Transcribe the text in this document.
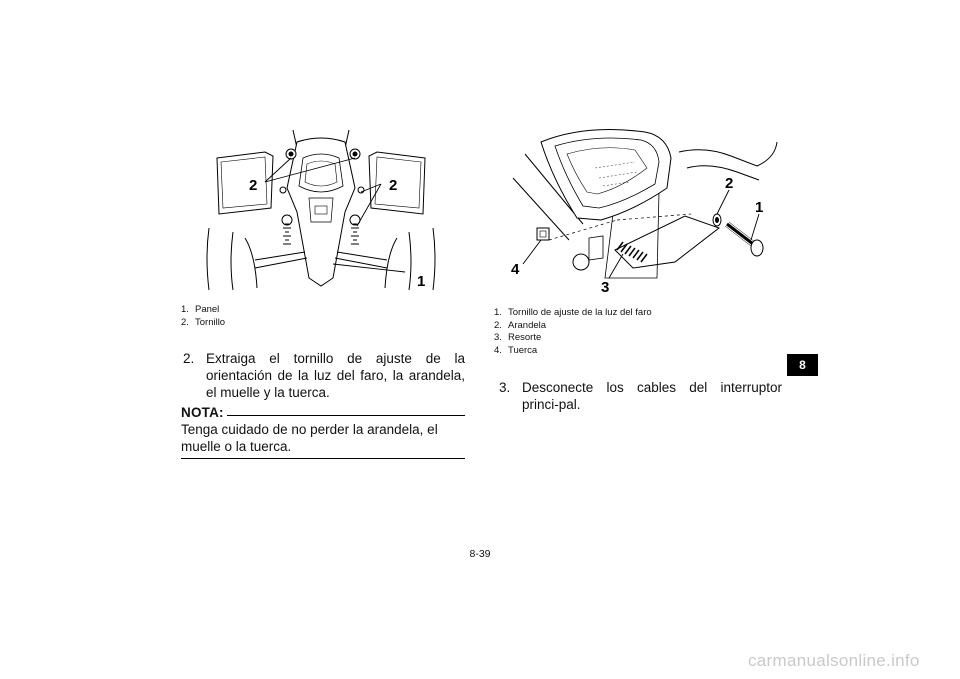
2	2
1
1. Panel
2. Tornillo
2. Extraiga el tornillo de ajuste de la orientación de la luz del faro, la arandela, el muelle y la tuerca.
NOTA:
Tenga cuidado de no perder la arandela, el muelle o la tuerca.
2
1
4
3
1. Tornillo de ajuste de la luz del faro
2. Arandela
3. Resorte
4. Tuerca
3. Desconecte los cables del interruptor princi-pal.
8
8-39
carmanualsonline.info
